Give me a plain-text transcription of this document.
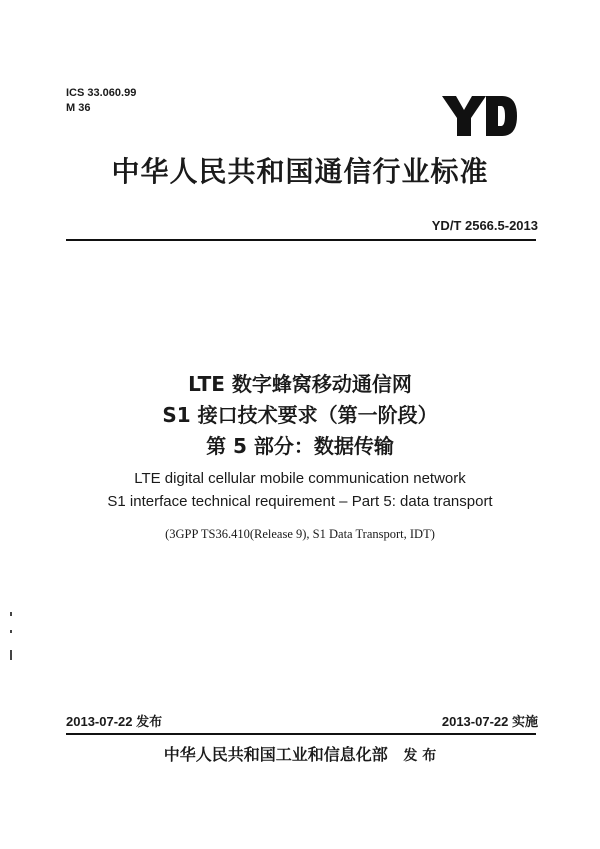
ICS 33.060.99
M 36
中华人民共和国通信行业标准
YD/T 2566.5-2013
LTE 数字蜂窝移动通信网
S1 接口技术要求（第一阶段）
第 5 部分：数据传输
LTE digital cellular mobile communication network
S1 interface technical requirement – Part 5: data transport
(3GPP TS36.410(Release 9), S1 Data Transport, IDT)
2013-07-22 发布	2013-07-22 实施
中华人民共和国工业和信息化部 发 布
